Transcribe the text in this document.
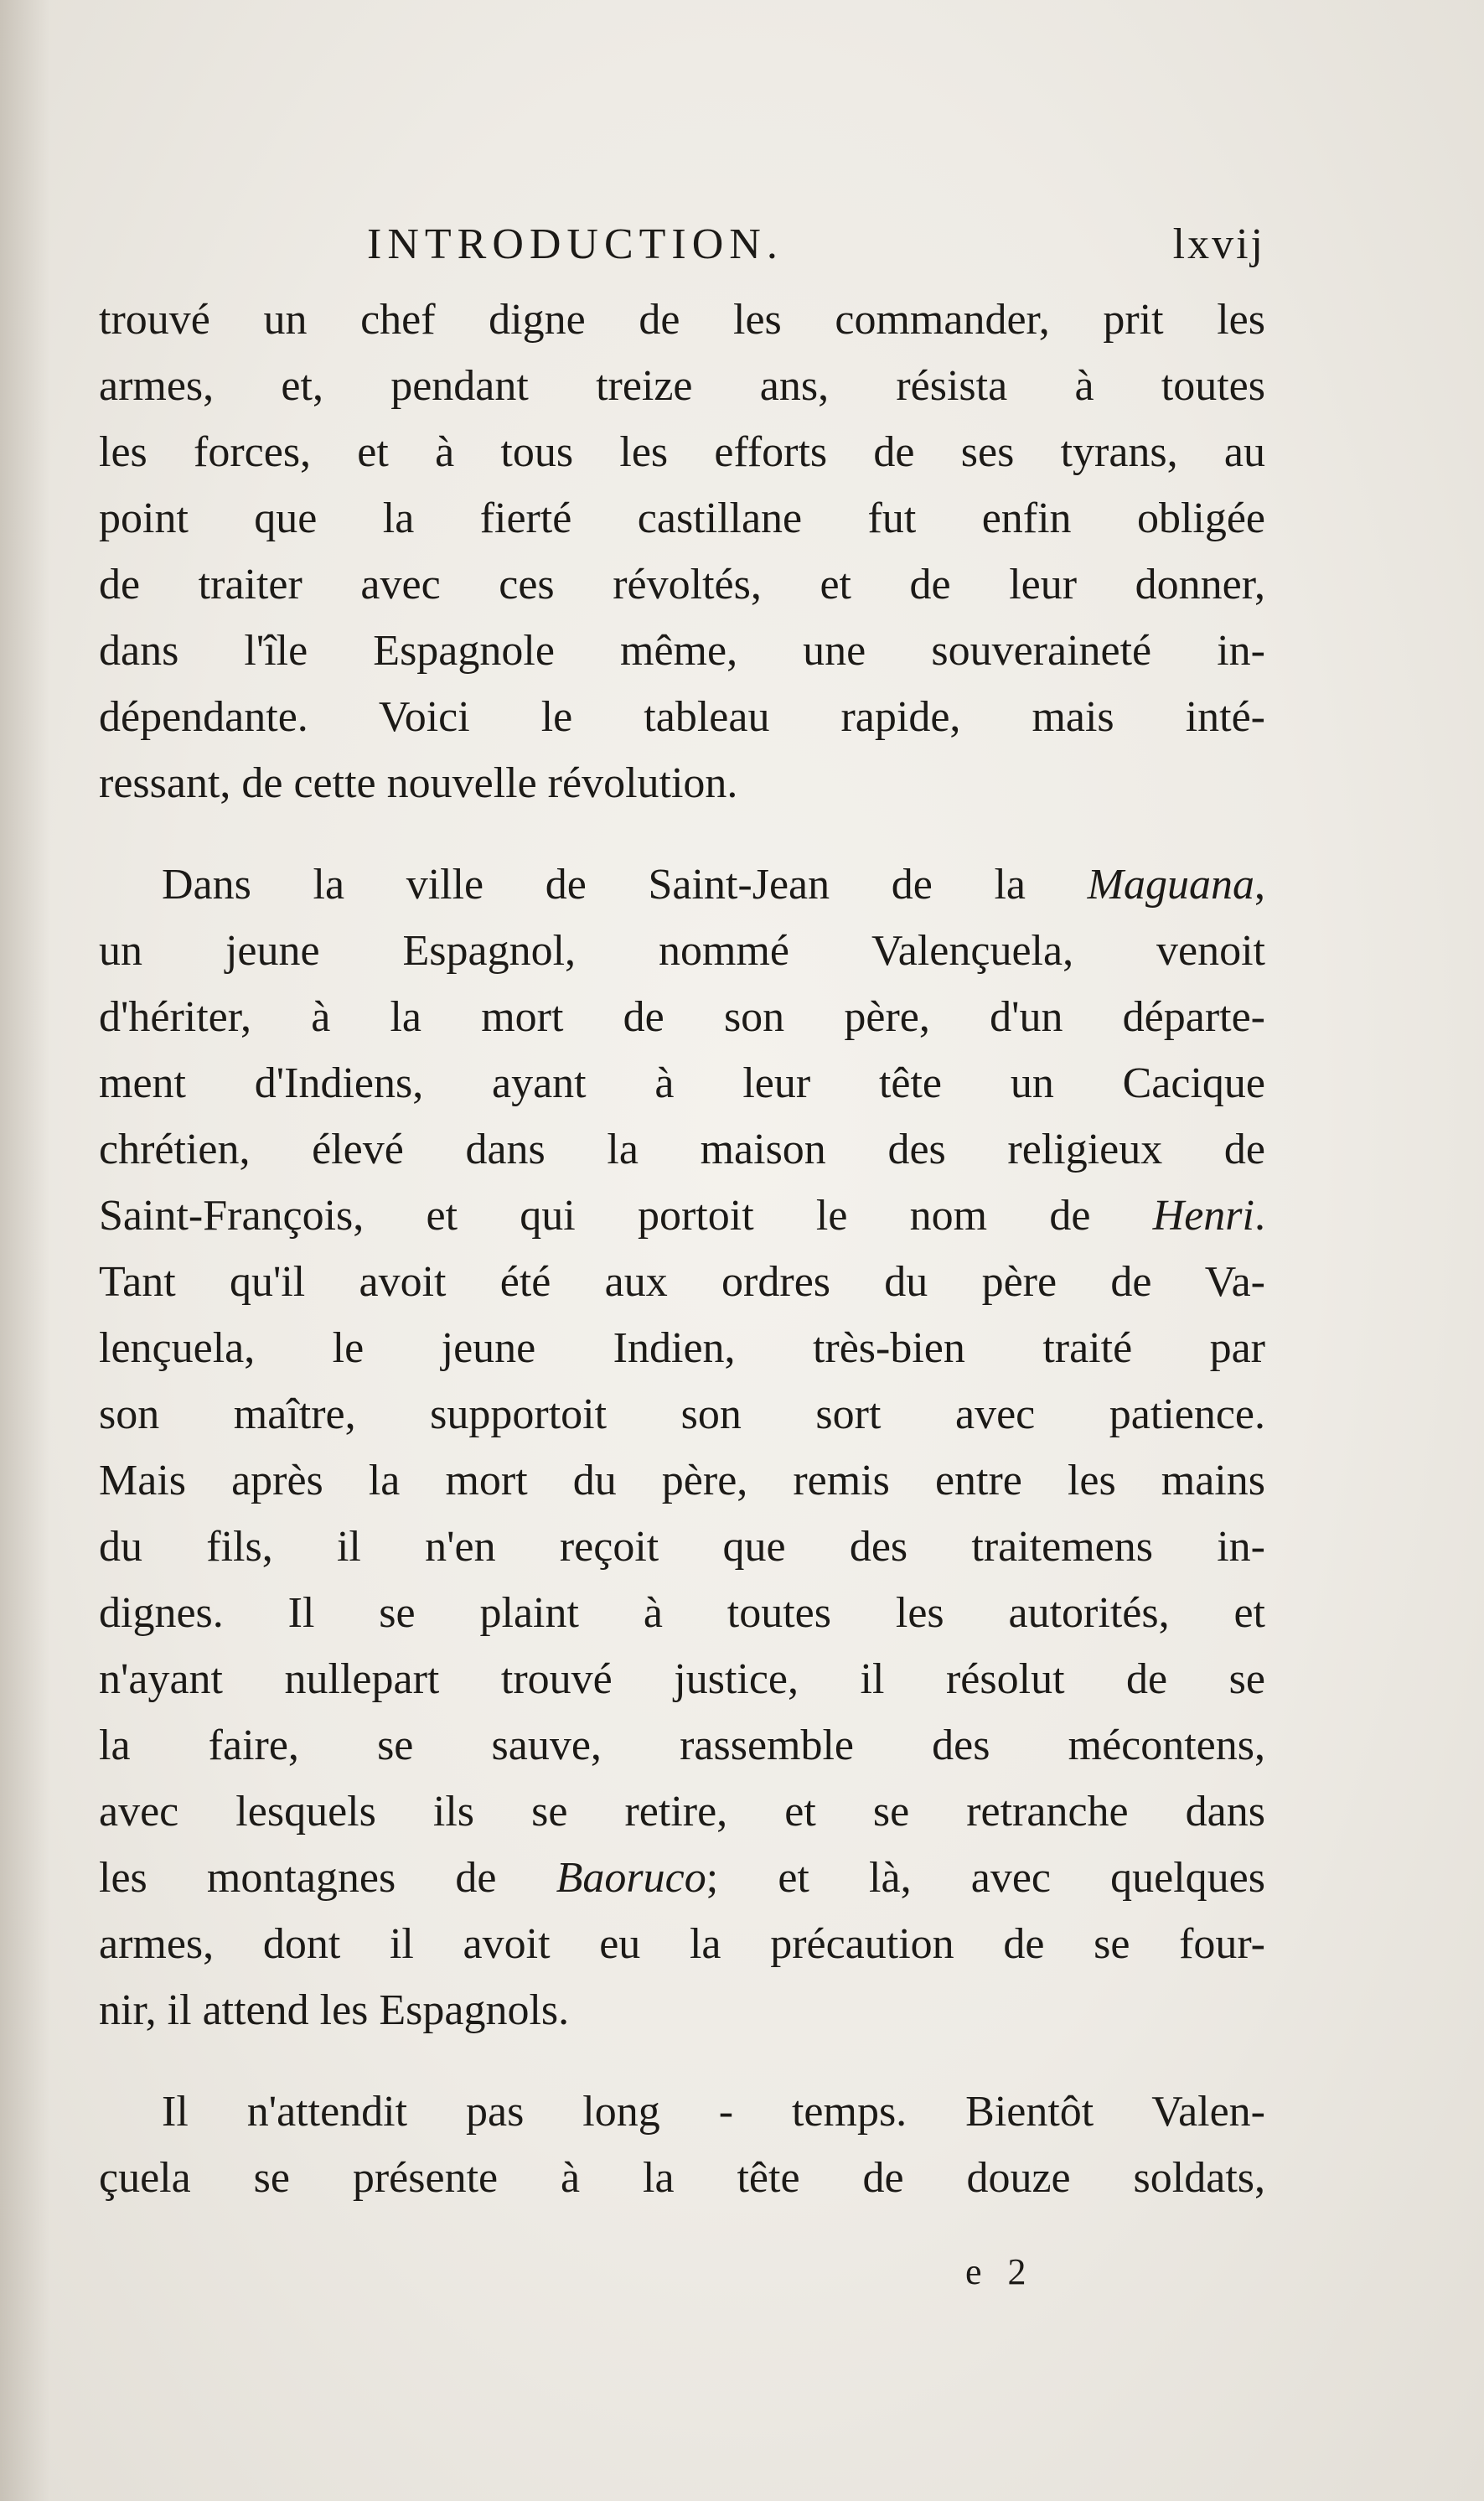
INTRODUCTION.	lxvij
trouvé un chef digne de les commander, prit les
armes, et, pendant treize ans, résista à toutes
les forces, et à tous les efforts de ses tyrans, au
point que la fierté castillane fut enfin obligée
de traiter avec ces révoltés, et de leur donner,
dans l'île Espagnole même, une souveraineté in-
dépendante. Voici le tableau rapide, mais inté-
ressant, de cette nouvelle révolution.
Dans la ville de Saint-Jean de la Maguana,
un jeune Espagnol, nommé Valençuela, venoit
d'hériter, à la mort de son père, d'un départe-
ment d'Indiens, ayant à leur tête un Cacique
chrétien, élevé dans la maison des religieux de
Saint-François, et qui portoit le nom de Henri.
Tant qu'il avoit été aux ordres du père de Va-
lençuela, le jeune Indien, très-bien traité par
son maître, supportoit son sort avec patience.
Mais après la mort du père, remis entre les mains
du fils, il n'en reçoit que des traitemens in-
dignes. Il se plaint à toutes les autorités, et
n'ayant nullepart trouvé justice, il résolut de se
la faire, se sauve, rassemble des mécontens,
avec lesquels ils se retire, et se retranche dans
les montagnes de Baoruco; et là, avec quelques
armes, dont il avoit eu la précaution de se four-
nir, il attend les Espagnols.
Il n'attendit pas long - temps. Bientôt Valen-
çuela se présente à la tête de douze soldats,
e 2
